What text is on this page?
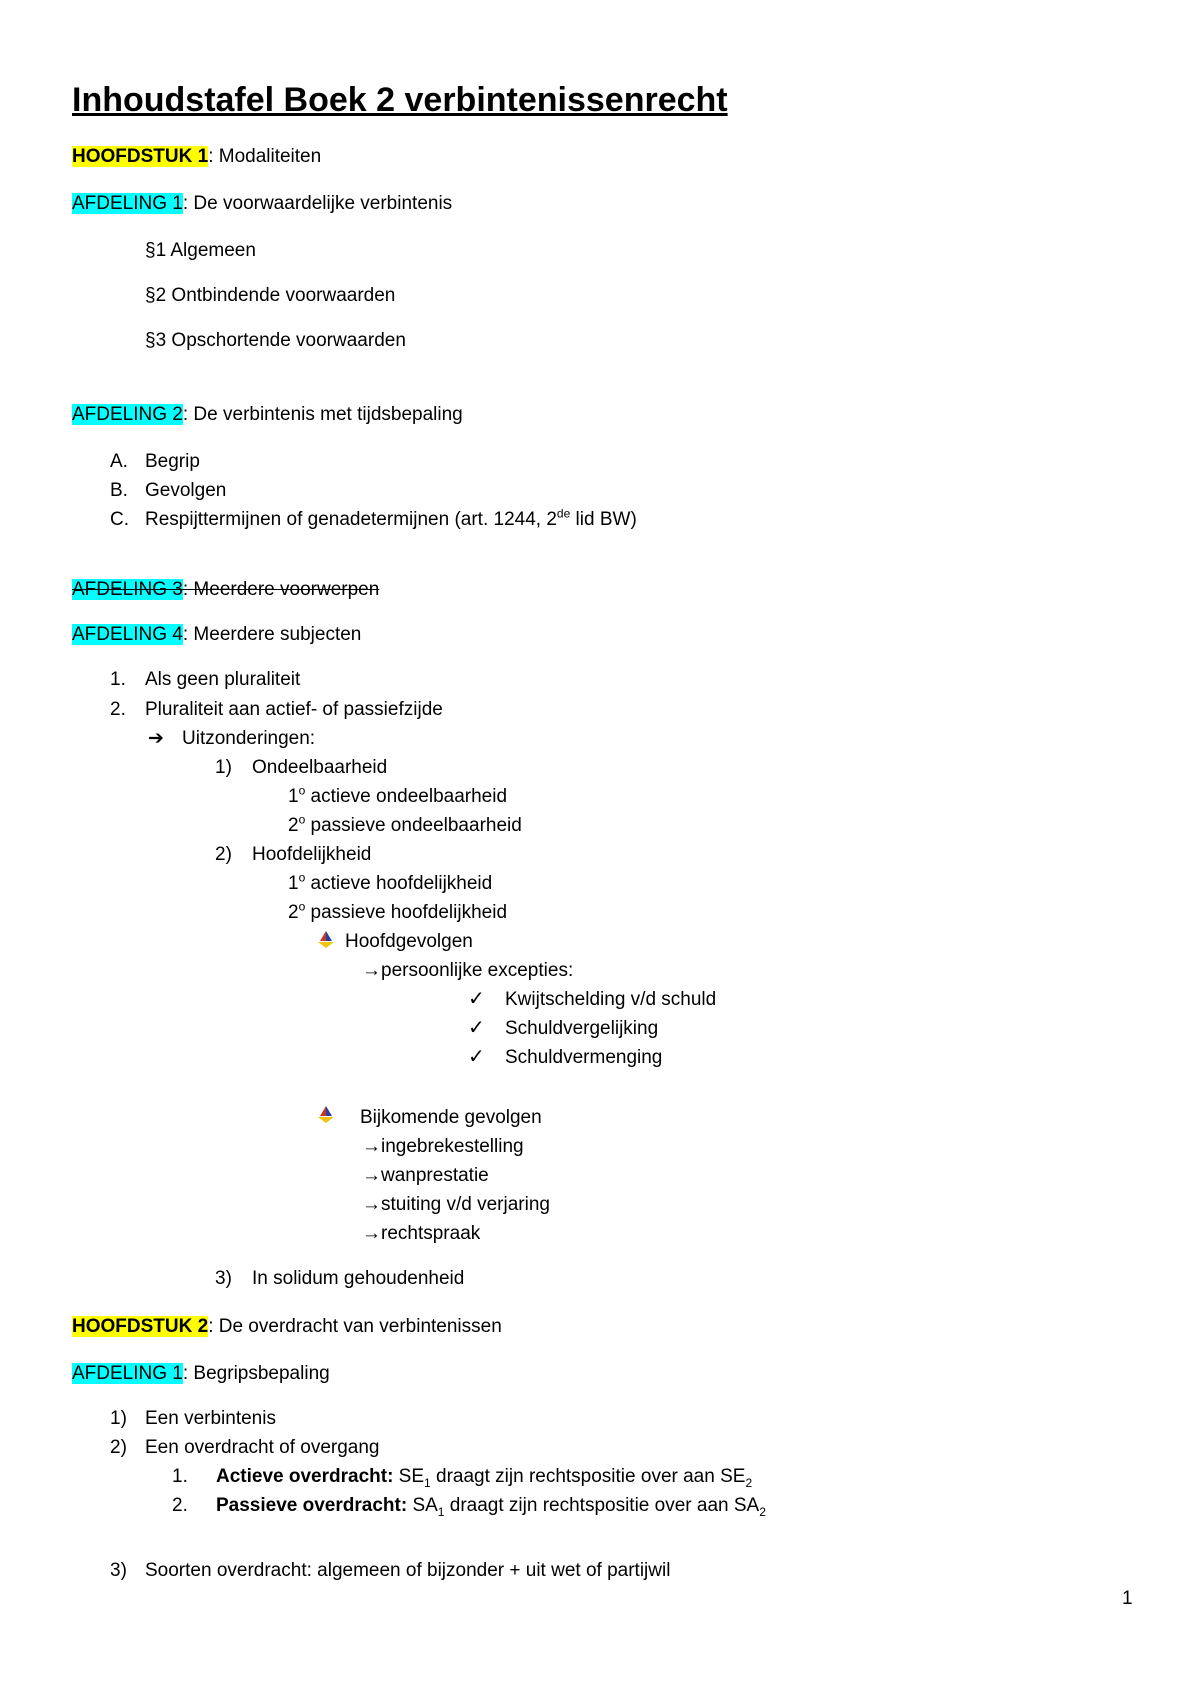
Inhoudstafel Boek 2 verbintenissenrecht
HOOFDSTUK 1: Modaliteiten
AFDELING 1: De voorwaardelijke verbintenis
§1 Algemeen
§2 Ontbindende voorwaarden
§3 Opschortende voorwaarden
AFDELING 2: De verbintenis met tijdsbepaling
A. Begrip
B. Gevolgen
C. Respijttermijnen of genadetermijnen (art. 1244, 2de lid BW)
AFDELING 3: Meerdere voorwerpen
AFDELING 4: Meerdere subjecten
1. Als geen pluraliteit
2. Pluraliteit aan actief- of passiefzijde
➔ Uitzonderingen:
1) Ondeelbaarheid
1$^o$ actieve ondeelbaarheid
2$^o$ passieve ondeelbaarheid
2) Hoofdelijkheid
1$^o$ actieve hoofdelijkheid
2$^o$ passieve hoofdelijkheid
Hoofdgevolgen
→persoonlijke excepties:
✓ Kwijtschelding v/d schuld
✓ Schuldvergelijking
✓ Schuldvermenging
Bijkomende gevolgen
→ingebrekestelling
→wanprestatie
→stuiting v/d verjaring
→rechtspraak
3) In solidum gehoudenheid
HOOFDSTUK 2: De overdracht van verbintenissen
AFDELING 1: Begripsbepaling
1) Een verbintenis
2) Een overdracht of overgang
1. Actieve overdracht: $SE_1$ draagt zijn rechtspositie over aan $SE_2$
2. Passieve overdracht: $SA_1$ draagt zijn rechtspositie over aan $SA_2$
3) Soorten overdracht: algemeen of bijzonder + uit wet of partijwil
1
